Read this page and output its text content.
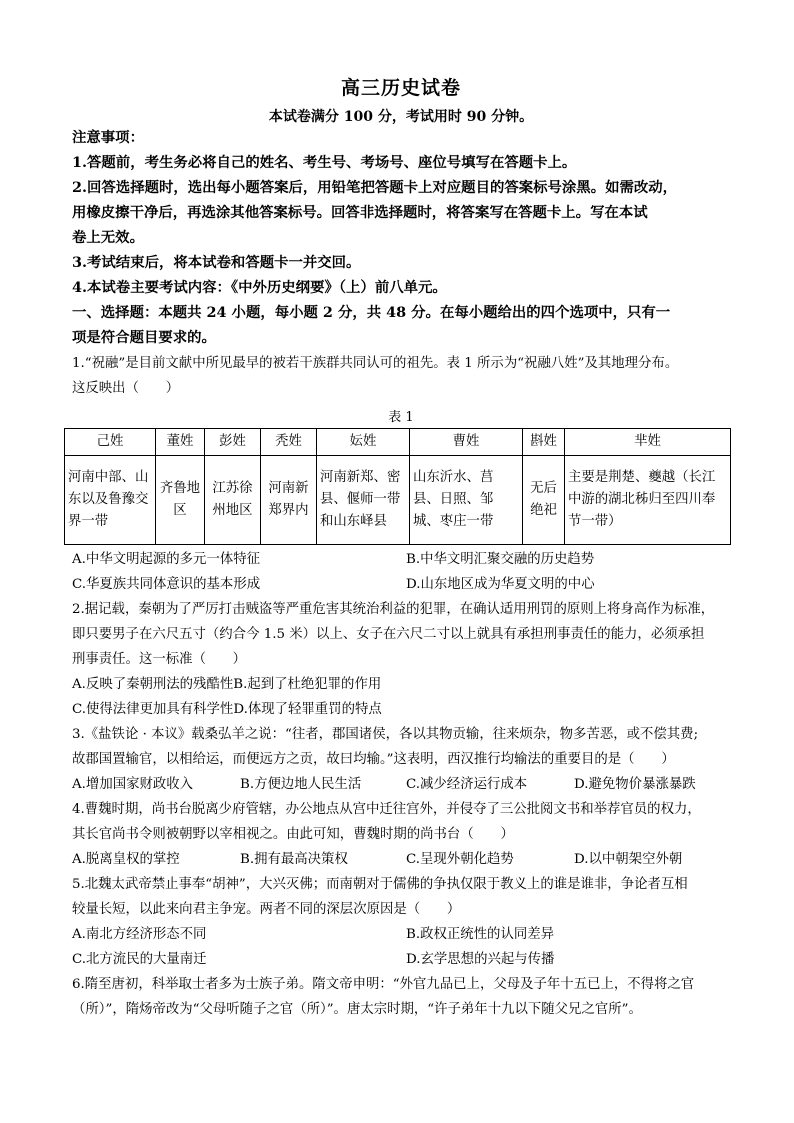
高三历史试卷
本试卷满分 100 分，考试用时 90 分钟。
注意事项：
1.答题前，考生务必将自己的姓名、考生号、考场号、座位号填写在答题卡上。
2.回答选择题时，选出每小题答案后，用铅笔把答题卡上对应题目的答案标号涂黑。如需改动，
用橡皮擦干净后，再选涂其他答案标号。回答非选择题时，将答案写在答题卡上。写在本试
卷上无效。
3.考试结束后，将本试卷和答题卡一并交回。
4.本试卷主要考试内容：《中外历史纲要》（上）前八单元。
一、选择题：本题共 24 小题，每小题 2 分，共 48 分。在每小题给出的四个选项中，只有一
项是符合题目要求的。
1.“祝融”是目前文献中所见最早的被若干族群共同认可的祖先。表 1 所示为“祝融八姓”及其地理分布。
这反映出（　　）
表 1
己姓	董姓	彭姓	秃姓	妘姓	曹姓	斟姓	芈姓
河南中部、山东以及鲁豫交界一带	齐鲁地区	江苏徐州地区	河南新郑界内	河南新郑、密县、偃师一带和山东峄县	山东沂水、莒县、日照、邹城、枣庄一带	无后绝祀	主要是荆楚、夔越（长江中游的湖北秭归至四川奉节一带）
A.中华文明起源的多元一体特征	B.中华文明汇聚交融的历史趋势
C.华夏族共同体意识的基本形成	D.山东地区成为华夏文明的中心
2.据记载，秦朝为了严厉打击贼盗等严重危害其统治利益的犯罪，在确认适用刑罚的原则上将身高作为标准，
即只要男子在六尺五寸（约合今 1.5 米）以上、女子在六尺二寸以上就具有承担刑事责任的能力，必须承担
刑事责任。这一标准（　　）
A.反映了秦朝刑法的残酷性B.起到了杜绝犯罪的作用
C.使得法律更加具有科学性D.体现了轻罪重罚的特点
3.《盐铁论 · 本议》载桑弘羊之说：“往者，郡国诸侯，各以其物贡输，往来烦杂，物多苦恶，或不偿其费;
故郡国置输官，以相给运，而便远方之贡，故曰均输。”这表明，西汉推行均输法的重要目的是（　　）
A.增加国家财政收入	B.方便边地人民生活	C.减少经济运行成本	D.避免物价暴涨暴跌
4.曹魏时期，尚书台脱离少府管辖，办公地点从宫中迁往宫外，并侵夺了三公批阅文书和举荐官员的权力，
其长官尚书令则被朝野以宰相视之。由此可知，曹魏时期的尚书台（　　）
A.脱离皇权的掌控	B.拥有最高决策权	C.呈现外朝化趋势	D.以中朝架空外朝
5.北魏太武帝禁止事奉“胡神”，大兴灭佛；而南朝对于儒佛的争执仅限于教义上的谁是谁非，争论者互相
较量长短，以此来向君主争宠。两者不同的深层次原因是（　　）
A.南北方经济形态不同	B.政权正统性的认同差异
C.北方流民的大量南迁	D.玄学思想的兴起与传播
6.隋至唐初，科举取士者多为士族子弟。隋文帝申明：“外官九品已上，父母及子年十五已上，不得将之官
（所）”，隋炀帝改为“父母听随子之官（所）”。唐太宗时期，“许子弟年十九以下随父兄之官所”。
